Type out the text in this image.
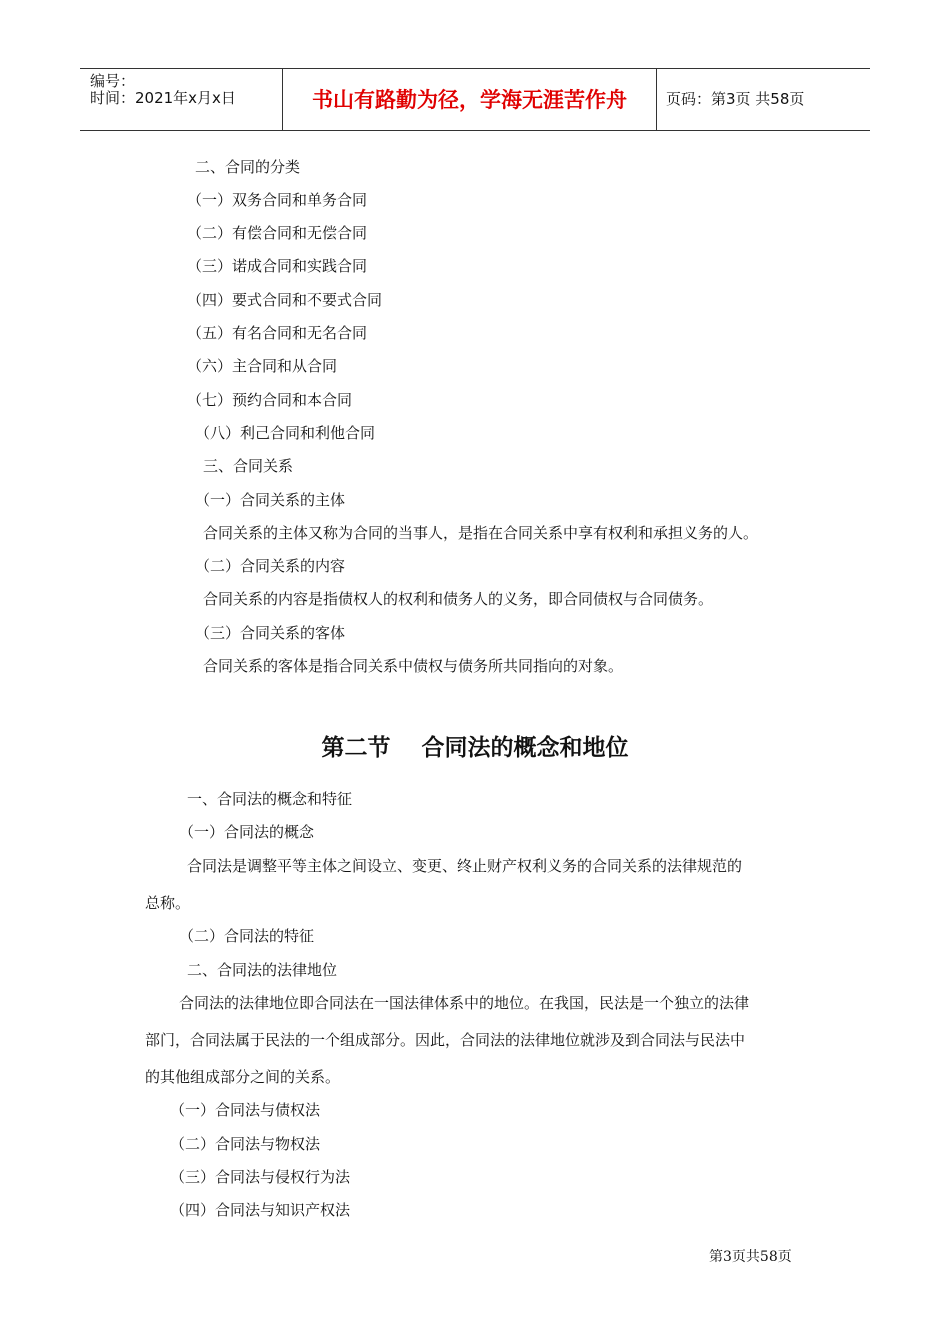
编号：
时间：2021年x月x日	书山有路勤为径，学海无涯苦作舟	页码：第3页 共58页
二、合同的分类
（一）双务合同和单务合同
（二）有偿合同和无偿合同
（三）诺成合同和实践合同
（四）要式合同和不要式合同
（五）有名合同和无名合同
（六）主合同和从合同
（七）预约合同和本合同
（八）利己合同和利他合同
三、合同关系
（一）合同关系的主体
合同关系的主体又称为合同的当事人，是指在合同关系中享有权利和承担义务的人。
（二）合同关系的内容
合同关系的内容是指债权人的权利和债务人的义务，即合同债权与合同债务。
（三）合同关系的客体
合同关系的客体是指合同关系中债权与债务所共同指向的对象。
第二节　 合同法的概念和地位
一、合同法的概念和特征
（一）合同法的概念
合同法是调整平等主体之间设立、变更、终止财产权利义务的合同关系的法律规范的
总称。
（二）合同法的特征
二、合同法的法律地位
合同法的法律地位即合同法在一国法律体系中的地位。在我国，民法是一个独立的法律
部门，合同法属于民法的一个组成部分。因此，合同法的法律地位就涉及到合同法与民法中
的其他组成部分之间的关系。
（一）合同法与债权法
（二）合同法与物权法
（三）合同法与侵权行为法
（四）合同法与知识产权法
第3页共58页
